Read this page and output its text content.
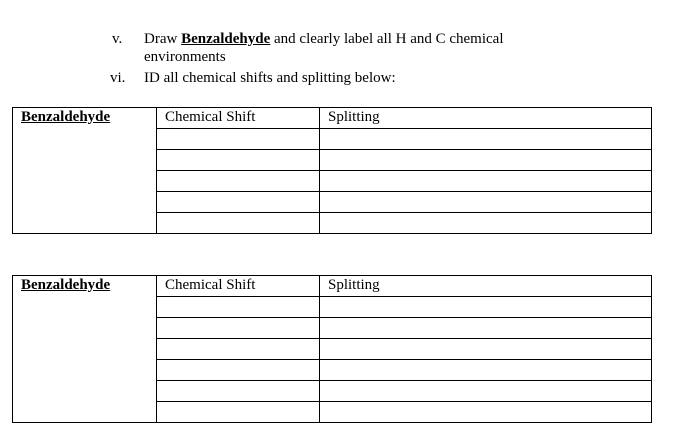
v. Draw Benzaldehyde and clearly label all H and C chemical
environments
vi. ID all chemical shifts and splitting below:
Benzaldehyde	Chemical Shift	Splitting

Benzaldehyde	Chemical Shift	Splitting
